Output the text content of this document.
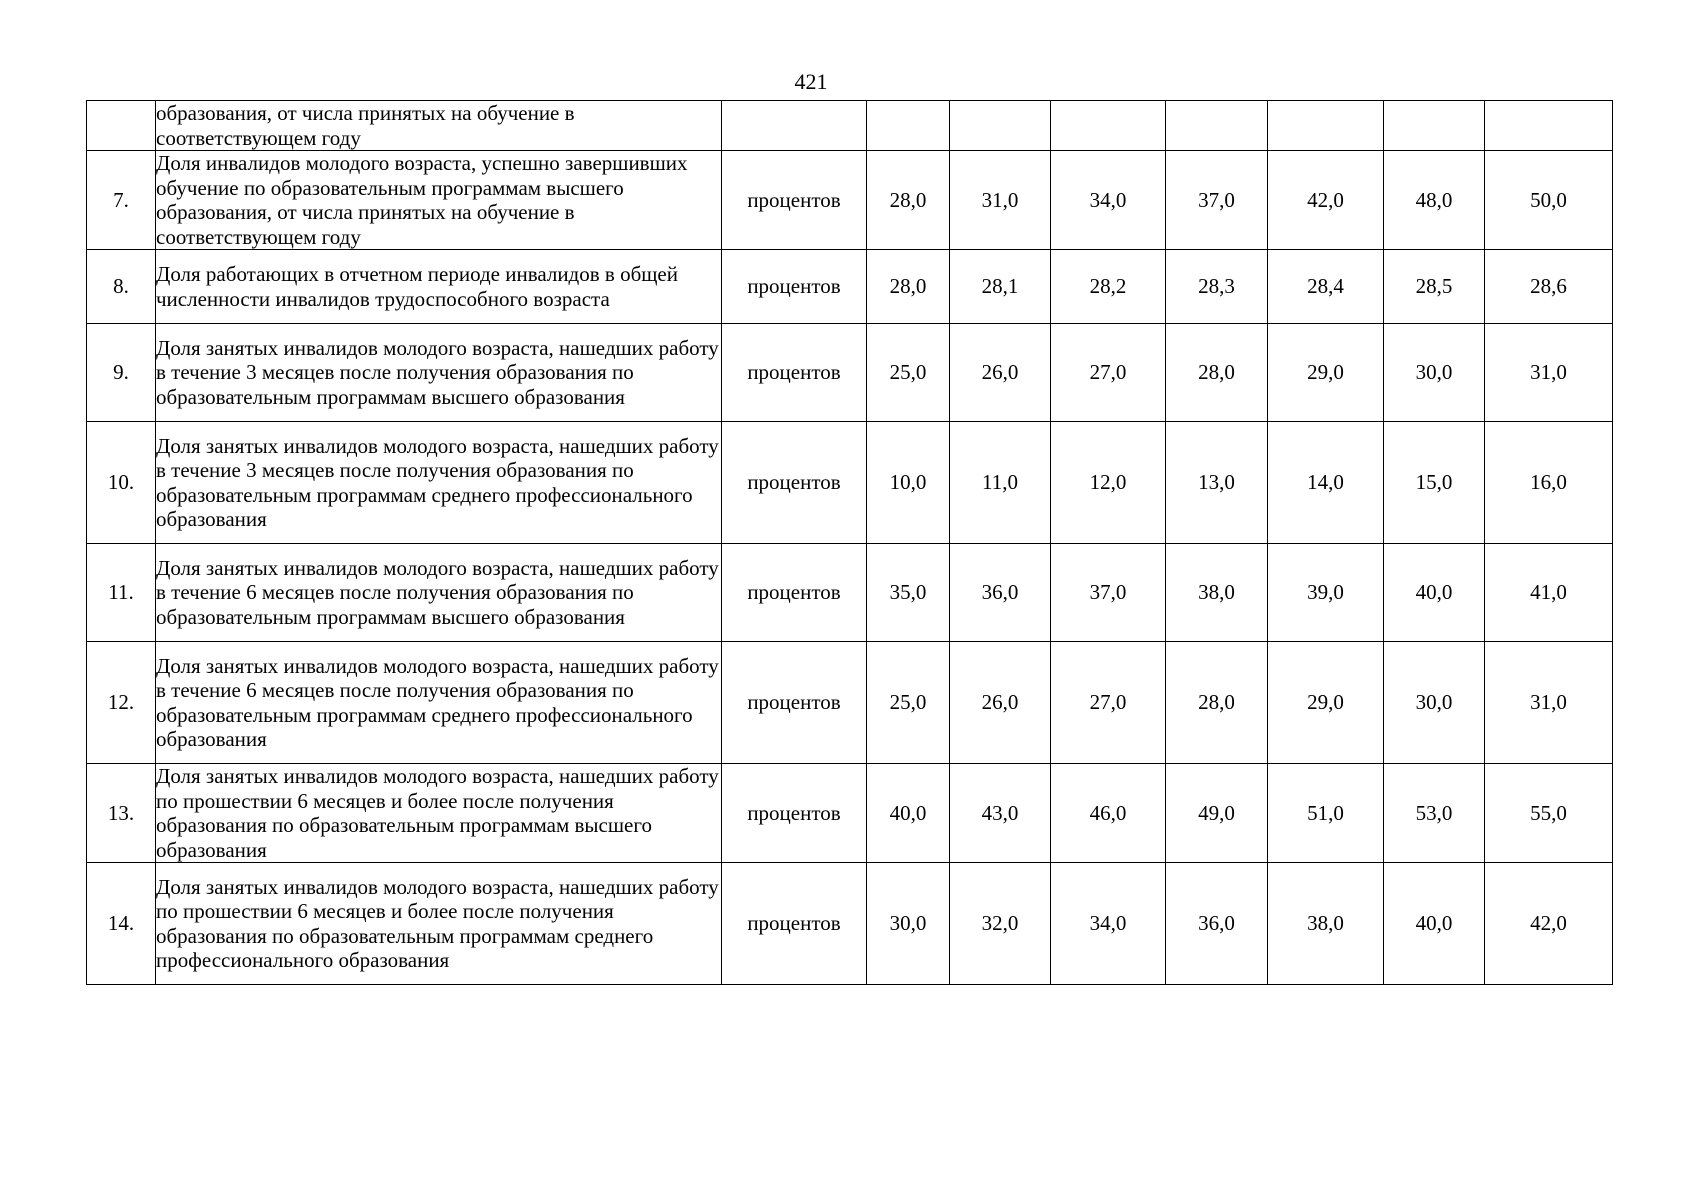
421
	образования, от числа принятых на обучение в соответствующем году								
7.	Доля инвалидов молодого возраста, успешно завершивших обучение по образовательным программам высшего образования, от числа принятых на обучение в соответствующем году	процентов	28,0	31,0	34,0	37,0	42,0	48,0	50,0
8.	Доля работающих в отчетном периоде инвалидов в общей численности инвалидов трудоспособного возраста	процентов	28,0	28,1	28,2	28,3	28,4	28,5	28,6
9.	Доля занятых инвалидов молодого возраста, нашедших работу в течение 3 месяцев после получения образования по образовательным программам высшего образования	процентов	25,0	26,0	27,0	28,0	29,0	30,0	31,0
10.	Доля занятых инвалидов молодого возраста, нашедших работу в течение 3 месяцев после получения образования по образовательным программам среднего профессионального образования	процентов	10,0	11,0	12,0	13,0	14,0	15,0	16,0
11.	Доля занятых инвалидов молодого возраста, нашедших работу в течение 6 месяцев после получения образования по образовательным программам высшего образования	процентов	35,0	36,0	37,0	38,0	39,0	40,0	41,0
12.	Доля занятых инвалидов молодого возраста, нашедших работу в течение 6 месяцев после получения образования по образовательным программам среднего профессионального образования	процентов	25,0	26,0	27,0	28,0	29,0	30,0	31,0
13.	Доля занятых инвалидов молодого возраста, нашедших работу по прошествии 6 месяцев и более после получения образования по образовательным программам высшего образования	процентов	40,0	43,0	46,0	49,0	51,0	53,0	55,0
14.	Доля занятых инвалидов молодого возраста, нашедших работу по прошествии 6 месяцев и более после получения образования по образовательным программам среднего профессионального образования	процентов	30,0	32,0	34,0	36,0	38,0	40,0	42,0
